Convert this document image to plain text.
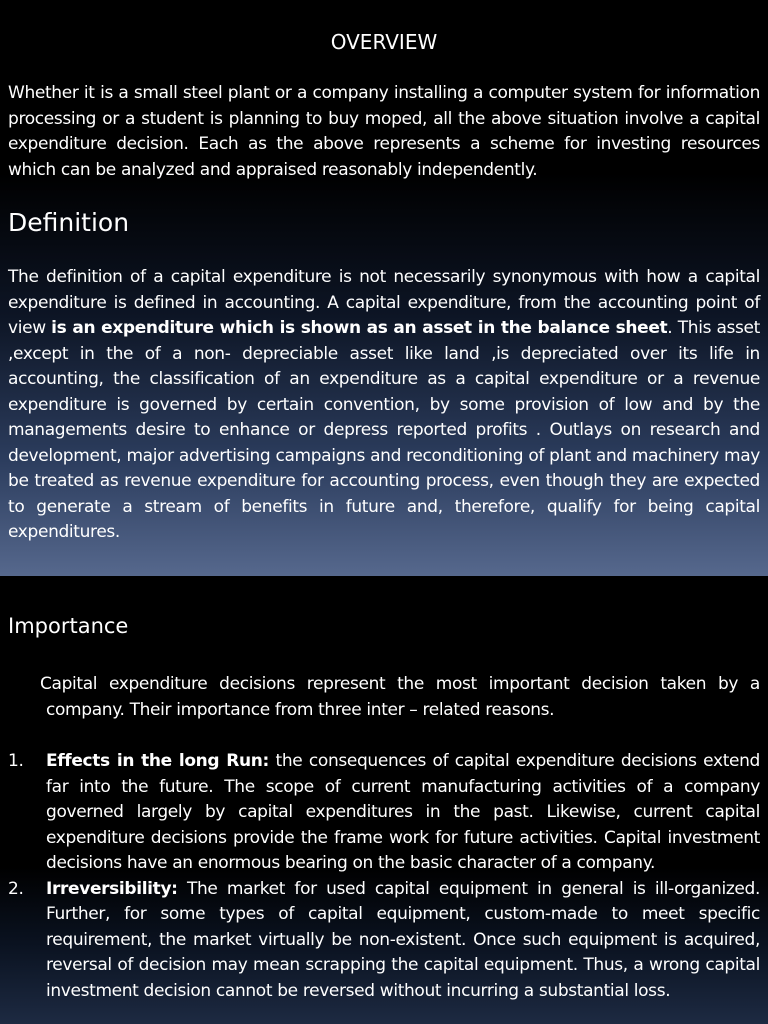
OVERVIEW

Whether it is a small steel plant or a company installing a computer system for information processing or a student is planning to buy moped, all the above situation involve a capital expenditure decision. Each as the above represents a scheme for investing resources which can be analyzed and appraised reasonably independently.

Definition

The definition of a capital expenditure is not necessarily synonymous with how a capital expenditure is defined in accounting. A capital expenditure, from the accounting point of view is an expenditure which is shown as an asset in the balance sheet. This asset ,except in the of a non- depreciable asset like land ,is depreciated over its life in accounting, the classification of an expenditure as a capital expenditure or a revenue expenditure is governed by certain convention, by some provision of low and by the managements desire to enhance or depress reported profits . Outlays on research and development, major advertising campaigns and reconditioning of plant and machinery may be treated as revenue expenditure for accounting process, even though they are expected to generate a stream of benefits in future and, therefore, qualify for being capital expenditures.

Importance

Capital expenditure decisions represent the most important decision taken by a company. Their importance from three inter – related reasons.

1. Effects in the long Run: the consequences of capital expenditure decisions extend far into the future. The scope of current manufacturing activities of a company governed largely by capital expenditures in the past. Likewise, current capital expenditure decisions provide the frame work for future activities. Capital investment decisions have an enormous bearing on the basic character of a company.
2. Irreversibility: The market for used capital equipment in general is ill-organized. Further, for some types of capital equipment, custom-made to meet specific requirement, the market virtually be non-existent. Once such equipment is acquired, reversal of decision may mean scrapping the capital equipment. Thus, a wrong capital investment decision cannot be reversed without incurring a substantial loss.
